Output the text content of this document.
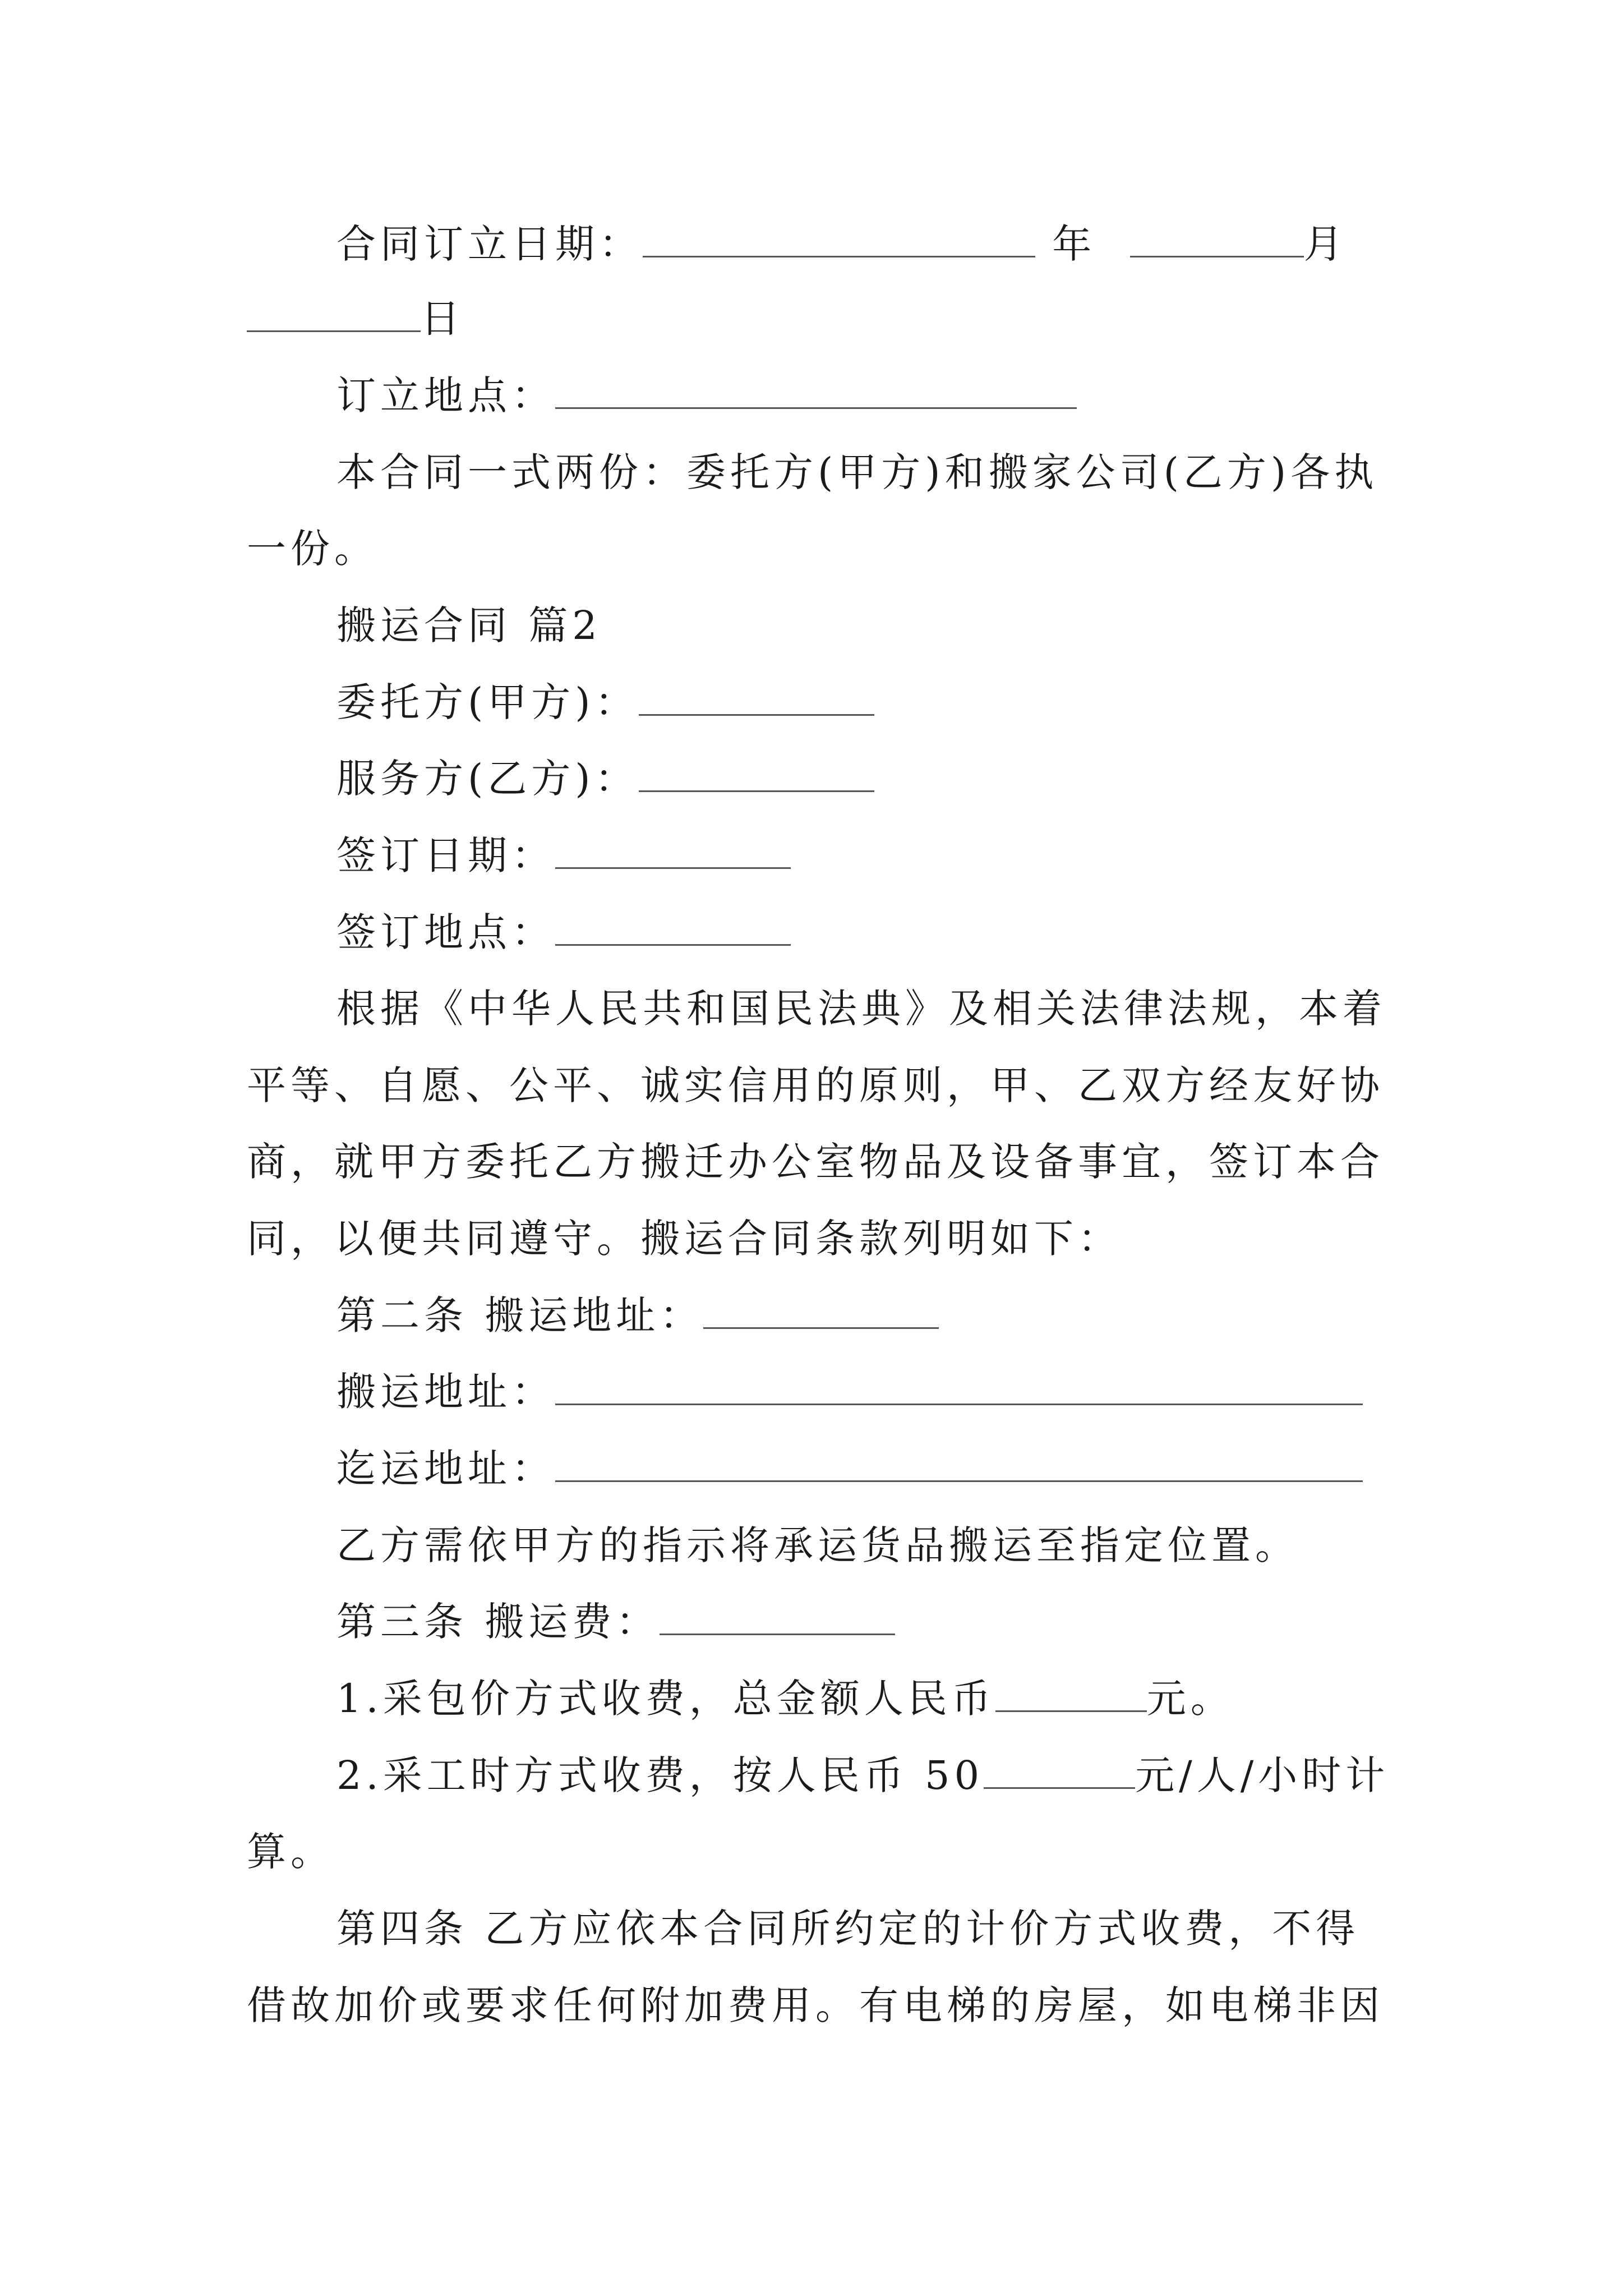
合同订立日期：	年	月
日
订立地点：
本合同一式两份：委托方(甲方)和搬家公司(乙方)各执
一份。
搬运合同 篇2
委托方(甲方)：
服务方(乙方)：
签订日期：
签订地点：
根据《中华人民共和国民法典》及相关法律法规，本着
平等、自愿、公平、诚实信用的原则，甲、乙双方经友好协
商，就甲方委托乙方搬迁办公室物品及设备事宜，签订本合
同，以便共同遵守。搬运合同条款列明如下：
第二条 搬运地址：
搬运地址：
迄运地址：
乙方需依甲方的指示将承运货品搬运至指定位置。
第三条 搬运费：
1.采包价方式收费，总金额人民币	元。
2.采工时方式收费，按人民币 50	元/人/小时计
算。
第四条 乙方应依本合同所约定的计价方式收费，不得
借故加价或要求任何附加费用。有电梯的房屋，如电梯非因
